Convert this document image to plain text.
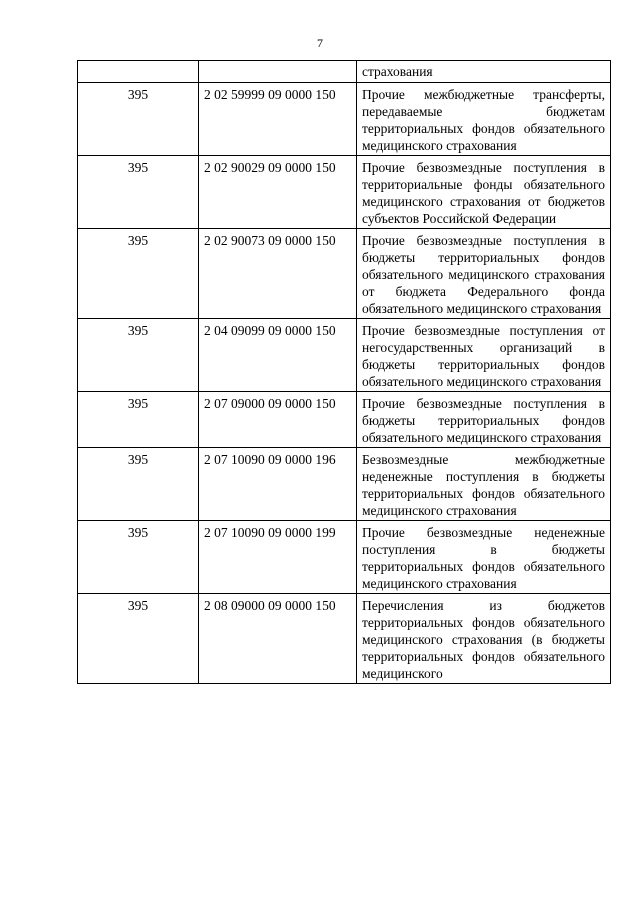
7
		страхования
395	2 02 59999 09 0000 150	Прочие межбюджетные трансферты, передаваемые бюджетам территориальных фондов обязательного медицинского страхования
395	2 02 90029 09 0000 150	Прочие безвозмездные поступления в территориальные фонды обязательного медицинского страхования от бюджетов субъектов Российской Федерации
395	2 02 90073 09 0000 150	Прочие безвозмездные поступления в бюджеты территориальных фондов обязательного медицинского страхования от бюджета Федерального фонда обязательного медицинского страхования
395	2 04 09099 09 0000 150	Прочие безвозмездные поступления от негосударственных организаций в бюджеты территориальных фондов обязательного медицинского страхования
395	2 07 09000 09 0000 150	Прочие безвозмездные поступления в бюджеты территориальных фондов обязательного медицинского страхования
395	2 07 10090 09 0000 196	Безвозмездные межбюджетные неденежные поступления в бюджеты территориальных фондов обязательного медицинского страхования
395	2 07 10090 09 0000 199	Прочие безвозмездные неденежные поступления в бюджеты территориальных фондов обязательного медицинского страхования
395	2 08 09000 09 0000 150	Перечисления из бюджетов территориальных фондов обязательного медицинского страхования (в бюджеты территориальных фондов обязательного медицинского
